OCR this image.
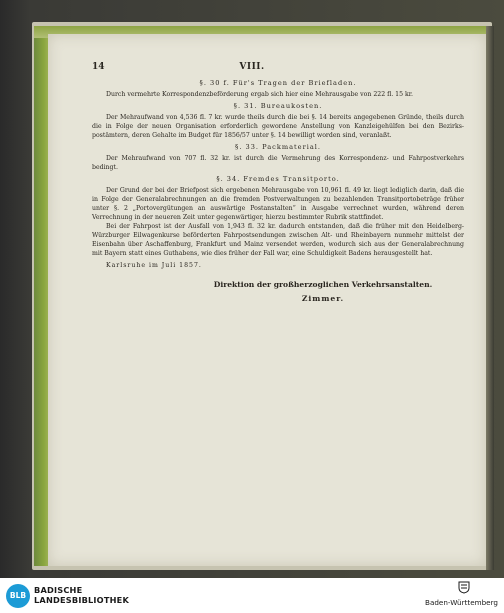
14	VIII.
§. 30 f. Für's Tragen der Briefladen.

Durch vermehrte Korrespondenzbeförderung ergab sich hier eine Mehrausgabe von 222 fl. 15 kr.

§. 31. Bureaukosten.

Der Mehraufwand von 4,536 fl. 7 kr. wurde theils durch die bei §. 14 bereits angegebenen Gründe, theils durch die in Folge der neuen Organisation erforderlich gewordene Anstellung von Kanzleigehülfen bei den Bezirks-postämtern, deren Gehalte im Budget für 1856/57 unter §. 14 bewilligt worden sind, veranlaßt.

§. 33. Packmaterial.

Der Mehraufwand von 707 fl. 32 kr. ist durch die Vermehrung des Korrespondenz- und Fahrpostverkehrs bedingt.

§. 34. Fremdes Transitporto.

Der Grund der bei der Briefpost sich ergebenen Mehrausgabe von 10,961 fl. 49 kr. liegt lediglich darin, daß die in Folge der Generalabrechnungen an die fremden Postverwaltungen zu bezahlenden Transitportobeträge früher unter §. 2 „Portovergütungen an auswärtige Postanstalten“ in Ausgabe verrechnet wurden, während deren Verrechnung in der neueren Zeit unter gegenwärtiger, hierzu bestimmter Rubrik stattfindet.

Bei der Fahrpost ist der Ausfall von 1,943 fl. 32 kr. dadurch entstanden, daß die früher mit den Heidelberg-Würzburger Eilwagenkurse beförderten Fahrpostsendungen zwischen Alt- und Rheinbayern nunmehr mittelst der Eisenbahn über Aschaffenburg, Frankfurt und Mainz versendet werden, wodurch sich aus der Generalabrechnung mit Bayern statt eines Guthabens, wie dies früher der Fall war, eine Schuldigkeit Badens herausgestellt hat.

Karlsruhe im Juli 1857.
Direktion der großherzoglichen Verkehrsanstalten.
Zimmer.
BLB
BADISCHE
LANDESBIBLIOTHEK	Baden-Württemberg
